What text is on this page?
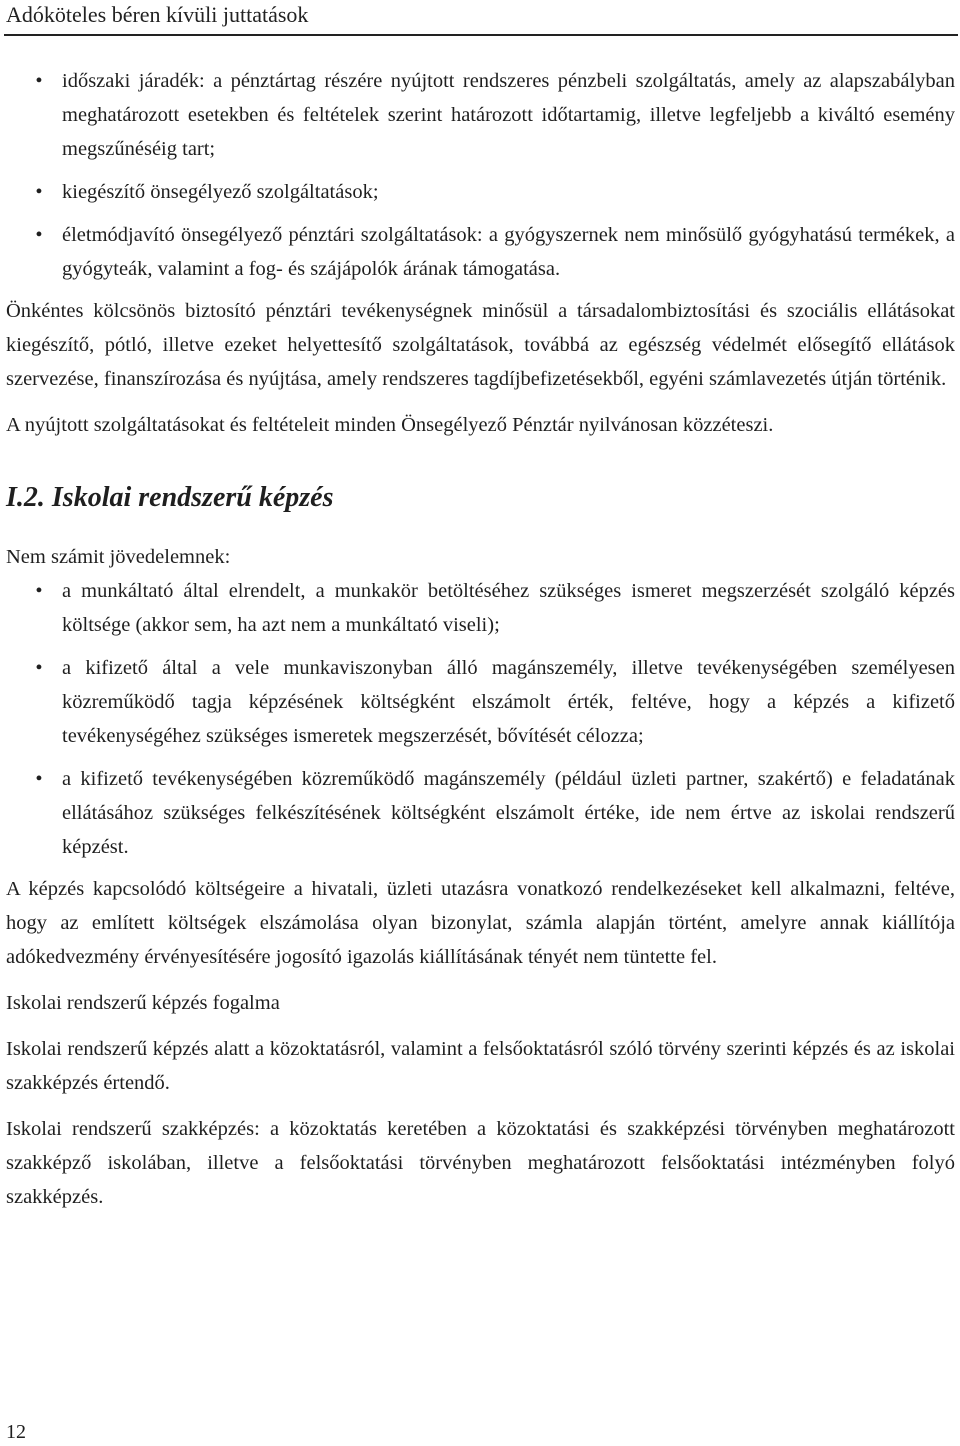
Adóköteles béren kívüli juttatások
• időszaki járadék: a pénztártag részére nyújtott rendszeres pénzbeli szolgáltatás, amely az alapszabályban meghatározott esetekben és feltételek szerint határozott időtartamig, illetve legfeljebb a kiváltó esemény megszűnéséig tart;
• kiegészítő önsegélyező szolgáltatások;
• életmódjavító önsegélyező pénztári szolgáltatások: a gyógyszernek nem minősülő gyógyhatású termékek, a gyógyteák, valamint a fog- és szájápolók árának támogatása.

Önkéntes kölcsönös biztosító pénztári tevékenységnek minősül a társadalombiztosítási és szociális ellátásokat kiegészítő, pótló, illetve ezeket helyettesítő szolgáltatások, továbbá az egészség védelmét elősegítő ellátások szervezése, finanszírozása és nyújtása, amely rendszeres tagdíjbefizetésekből, egyéni számlavezetés útján történik.

A nyújtott szolgáltatásokat és feltételeit minden Önsegélyező Pénztár nyilvánosan közzéteszi.

I.2. Iskolai rendszerű képzés

Nem számit jövedelemnek:

• a munkáltató által elrendelt, a munkakör betöltéséhez szükséges ismeret megszerzését szolgáló képzés költsége (akkor sem, ha azt nem a munkáltató viseli);
• a kifizető által a vele munkaviszonyban álló magánszemély, illetve tevékenységében személyesen közreműködő tagja képzésének költségként elszámolt érték, feltéve, hogy a képzés a kifizető tevékenységéhez szükséges ismeretek megszerzését, bővítését célozza;
• a kifizető tevékenységében közreműködő magánszemély (például üzleti partner, szakértő) e feladatának ellátásához szükséges felkészítésének költségként elszámolt értéke, ide nem értve az iskolai rendszerű képzést.

A képzés kapcsolódó költségeire a hivatali, üzleti utazásra vonatkozó rendelkezéseket kell alkalmazni, feltéve, hogy az említett költségek elszámolása olyan bizonylat, számla alapján történt, amelyre annak kiállítója adókedvezmény érvényesítésére jogosító igazolás kiállításának tényét nem tüntette fel.

Iskolai rendszerű képzés fogalma

Iskolai rendszerű képzés alatt a közoktatásról, valamint a felsőoktatásról szóló törvény szerinti képzés és az iskolai szakképzés értendő.

Iskolai rendszerű szakképzés: a közoktatás keretében a közoktatási és szakképzési törvényben meghatározott szakképző iskolában, illetve a felsőoktatási törvényben meghatározott felsőoktatási intézményben folyó szakképzés.

12
